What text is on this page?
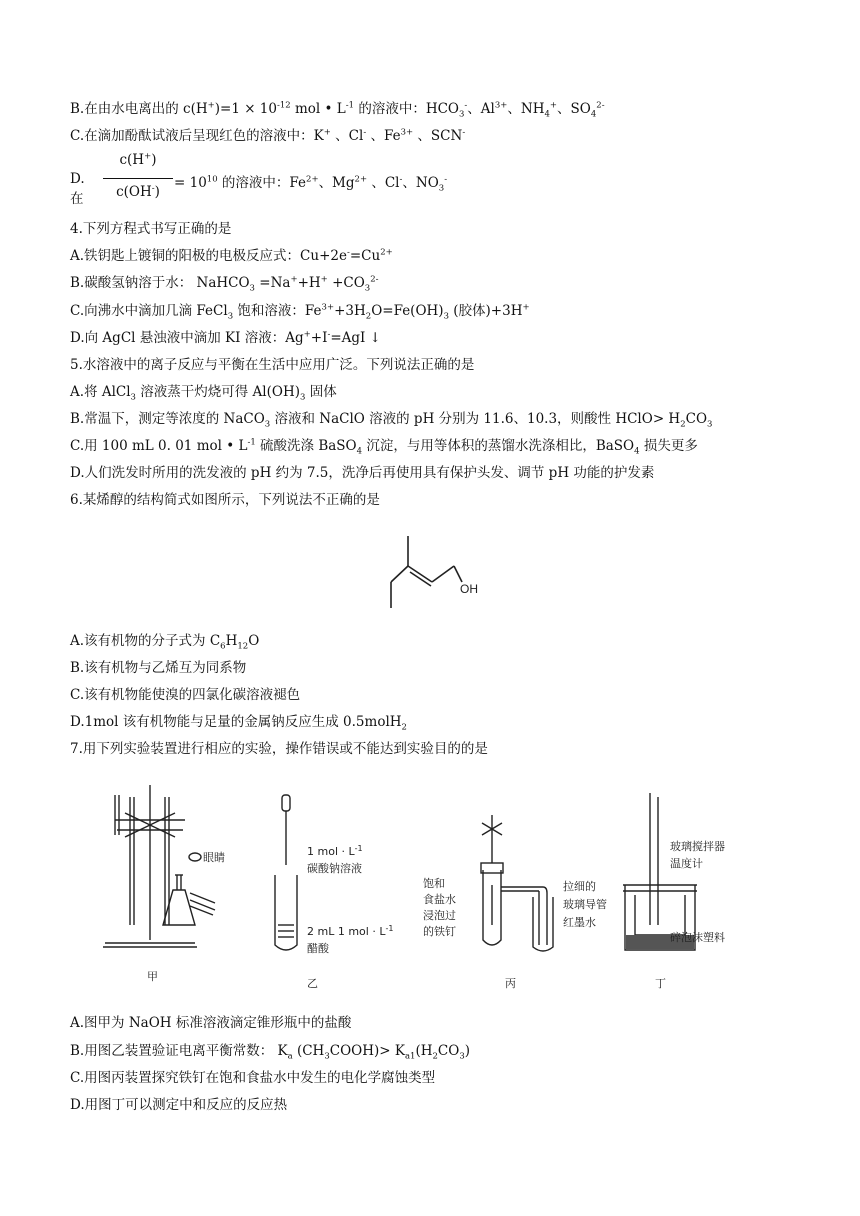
B.在由水电离出的 $c(H^+)=1 \times 10^{-12}$ mol • $L^{-1}$ 的溶液中：$HCO_3^-$、$Al^{3+}$、$NH_4^+$、$SO_4^{2-}$
C.在滴加酚酞试液后呈现红色的溶液中：K+ 、Cl- 、$Fe^{3+}$ 、SCN-
D.在
c(H+)
c(OH-)
= $10^{10}$ 的溶液中：$Fe^{2+}$、$Mg^{2+}$ 、Cl-、$NO_3^-$
4.下列方程式书写正确的是
A.铁钥匙上镀铜的阳极的电极反应式：$Cu+2e^-=Cu^{2+}$
B.碳酸氢钠溶于水： NaHCO$_3$ $=Na^++H^+ +CO_3^{2-}$
C.向沸水中滴加几滴 FeCl$_3$ 饱和溶液：$Fe^{3+}+3H_2O=Fe(OH)_3$ (胶体)+3H+
D.向 AgCl 悬浊液中滴加 KI 溶液：Ag++I-=AgI ↓
5.水溶液中的离子反应与平衡在生活中应用广泛。下列说法正确的是
A.将 AlCl$_3$ 溶液蒸干灼烧可得 $Al(OH)_3$ 固体
B.常温下，测定等浓度的 NaCO$_3$ 溶液和 NaClO 溶液的 pH 分别为 11.6、10.3，则酸性 HClO> $H_2CO_3$
C.用 100 mL 0. 01 mol • $L^{-1}$ 硫酸洗涤 BaSO$_4$ 沉淀，与用等体积的蒸馏水洗涤相比，BaSO$_4$ 损失更多
D.人们洗发时所用的洗发液的 pH 约为 7.5，洗净后再使用具有保护头发、调节 pH 功能的护发素
6.某烯醇的结构简式如图所示，下列说法不正确的是
OH
A.该有机物的分子式为 $C_6H_{12}O$
B.该有机物与乙烯互为同系物
C.该有机物能使溴的四氯化碳溶液褪色
D.1mol 该有机物能与足量的金属钠反应生成 0.5molH$_2$
7.用下列实验装置进行相应的实验，操作错误或不能达到实验目的的是
眼睛
甲
1 mol · $L^{-1}$
碳酸钠溶液
2 mL 1 mol · $L^{-1}$
醋酸
乙
饱和
食盐水
浸泡过
的铁钉
拉细的
玻璃导管
红墨水
丙
玻璃搅拌器
温度计
碎泡沫塑料
丁
A.图甲为 NaOH 标准溶液滴定锥形瓶中的盐酸
B.用图乙装置验证电离平衡常数： $K_a$ $(CH_3COOH)> K_{a1}(H_2CO_3)$
C.用图丙装置探究铁钉在饱和食盐水中发生的电化学腐蚀类型
D.用图丁可以测定中和反应的反应热
